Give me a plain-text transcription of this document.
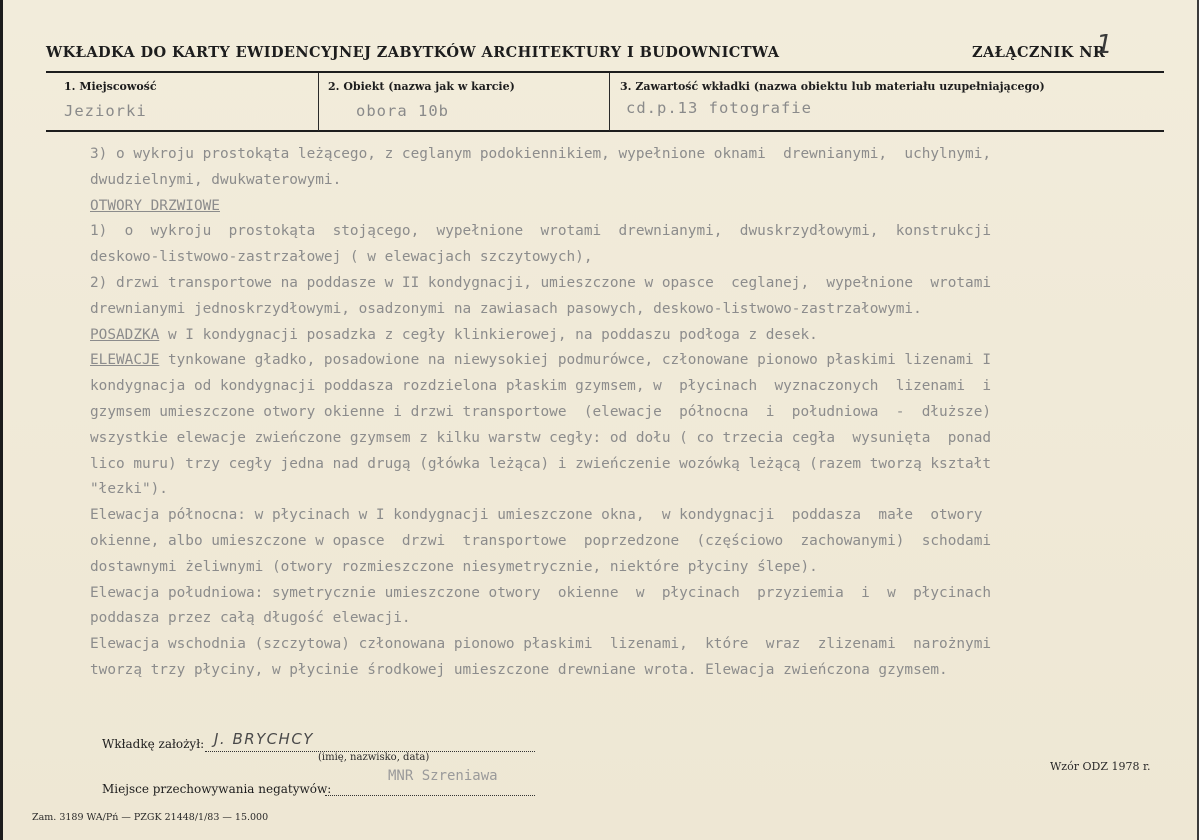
WKŁADKA DO KARTY EWIDENCYJNEJ ZABYTKÓW ARCHITEKTURY I BUDOWNICTWA	ZAŁĄCZNIK NR
1
1. Miejscowość
Jeziorki
2. Obiekt (nazwa jak w karcie)
obora 10b
3. Zawartość wkładki (nazwa obiektu lub materiału uzupełniającego)
cd.p.13 fotografie
3) o wykroju prostokąta leżącego, z ceglanym podokiennikiem, wypełnione oknami  drewnianymi,  uchylnymi,
dwudzielnymi, dwukwaterowymi.
OTWORY DRZWIOWE
1)  o  wykroju  prostokąta  stojącego,  wypełnione  wrotami  drewnianymi,  dwuskrzydłowymi,  konstrukcji
deskowo-listwowo-zastrzałowej ( w elewacjach szczytowych),
2) drzwi transportowe na poddasze w II kondygnacji, umieszczone w opasce  ceglanej,  wypełnione  wrotami
drewnianymi jednoskrzydłowymi, osadzonymi na zawiasach pasowych, deskowo-listwowo-zastrzałowymi.
POSADZKA w I kondygnacji posadzka z cegły klinkierowej, na poddaszu podłoga z desek.
ELEWACJE tynkowane gładko, posadowione na niewysokiej podmurówce, członowane pionowo płaskimi lizenami I
kondygnacja od kondygnacji poddasza rozdzielona płaskim gzymsem, w  płycinach  wyznaczonych  lizenami  i
gzymsem umieszczone otwory okienne i drzwi transportowe  (elewacje  północna  i  południowa  -  dłuższe)
wszystkie elewacje zwieńczone gzymsem z kilku warstw cegły: od dołu ( co trzecia cegła  wysunięta  ponad
lico muru) trzy cegły jedna nad drugą (główka leżąca) i zwieńczenie wozówką leżącą (razem tworzą kształt
"łezki").
Elewacja północna: w płycinach w I kondygnacji umieszczone okna,  w kondygnacji  poddasza  małe  otwory
okienne, albo umieszczone w opasce  drzwi  transportowe  poprzedzone  (częściowo  zachowanymi)  schodami
dostawnymi żeliwnymi (otwory rozmieszczone niesymetrycznie, niektóre płyciny ślepe).
Elewacja południowa: symetrycznie umieszczone otwory  okienne  w  płycinach  przyziemia  i  w  płycinach
poddasza przez całą długość elewacji.
Elewacja wschodnia (szczytowa) członowana pionowo płaskimi  lizenami,  które  wraz  zlizenami  narożnymi
tworzą trzy płyciny, w płycinie środkowej umieszczone drewniane wrota. Elewacja zwieńczona gzymsem.
Wkładkę założył: J. BRYCHCY
(imię, nazwisko, data)
Miejsce przechowywania negatywów:
MNR Szreniawa
Wzór ODZ 1978 r.
Zam. 3189 WA/Pń — PZGK 21448/1/83 — 15.000
